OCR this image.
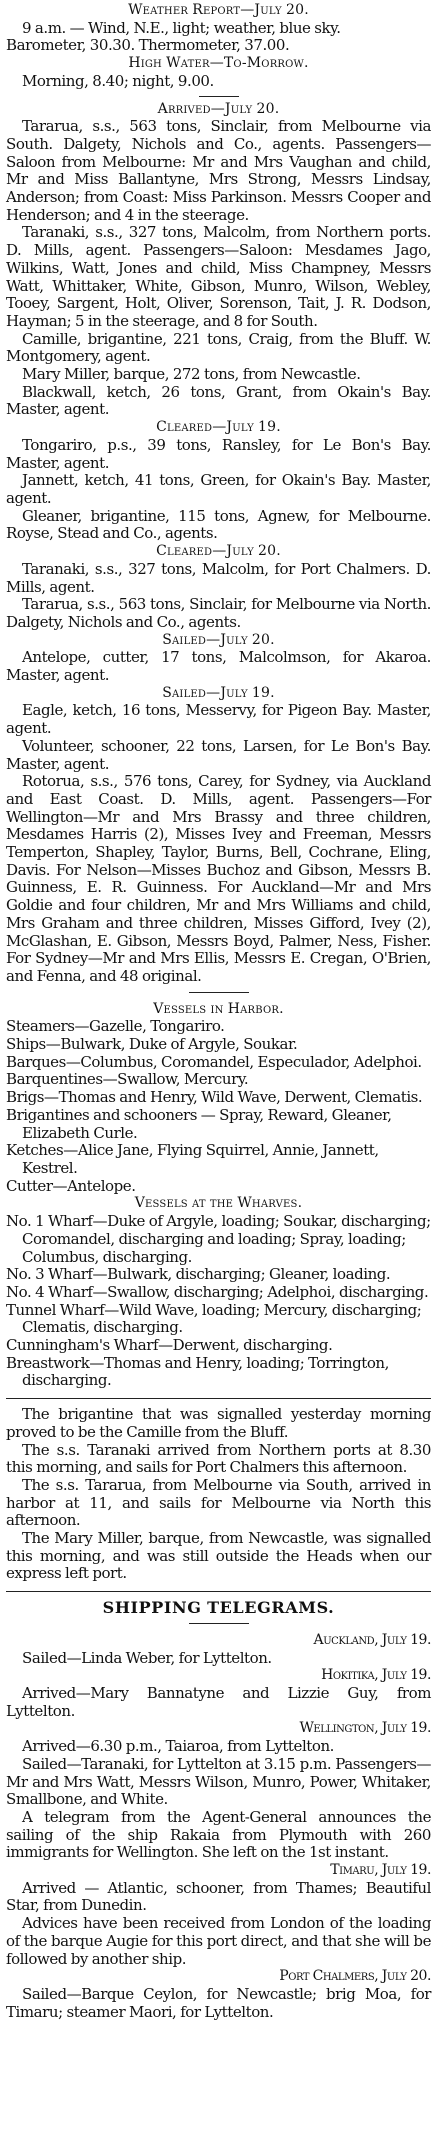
Weather Report—July 20.

9 a.m. — Wind, N.E., light; weather, blue sky.

Barometer, 30.30. Thermometer, 37.00.

High Water—To-Morrow.

Morning, 8.40; night, 9.00.

Arrived—July 20.

Tararua, s.s., 563 tons, Sinclair, from Melbourne via South. Dalgety, Nichols and Co., agents. Passengers—Saloon from Melbourne: Mr and Mrs Vaughan and child, Mr and Miss Ballantyne, Mrs Strong, Messrs Lindsay, Anderson; from Coast: Miss Parkinson. Messrs Cooper and Henderson; and 4 in the steerage.

Taranaki, s.s., 327 tons, Malcolm, from Northern ports. D. Mills, agent. Passengers—Saloon: Mesdames Jago, Wilkins, Watt, Jones and child, Miss Champney, Messrs Watt, Whittaker, White, Gibson, Munro, Wilson, Webley, Tooey, Sargent, Holt, Oliver, Sorenson, Tait, J. R. Dodson, Hayman; 5 in the steerage, and 8 for South.

Camille, brigantine, 221 tons, Craig, from the Bluff. W. Montgomery, agent.

Mary Miller, barque, 272 tons, from Newcastle.

Blackwall, ketch, 26 tons, Grant, from Okain's Bay. Master, agent.

Cleared—July 19.

Tongariro, p.s., 39 tons, Ransley, for Le Bon's Bay. Master, agent.

Jannett, ketch, 41 tons, Green, for Okain's Bay. Master, agent.

Gleaner, brigantine, 115 tons, Agnew, for Melbourne. Royse, Stead and Co., agents.

Cleared—July 20.

Taranaki, s.s., 327 tons, Malcolm, for Port Chalmers. D. Mills, agent.

Tararua, s.s., 563 tons, Sinclair, for Melbourne via North. Dalgety, Nichols and Co., agents.

Sailed—July 20.

Antelope, cutter, 17 tons, Malcolmson, for Akaroa. Master, agent.

Sailed—July 19.

Eagle, ketch, 16 tons, Messervy, for Pigeon Bay. Master, agent.

Volunteer, schooner, 22 tons, Larsen, for Le Bon's Bay. Master, agent.

Rotorua, s.s., 576 tons, Carey, for Sydney, via Auckland and East Coast. D. Mills, agent. Passengers—For Wellington—Mr and Mrs Brassy and three children, Mesdames Harris (2), Misses Ivey and Freeman, Messrs Temperton, Shapley, Taylor, Burns, Bell, Cochrane, Eling, Davis. For Nelson—Misses Buchoz and Gibson, Messrs B. Guinness, E. R. Guinness. For Auckland—Mr and Mrs Goldie and four children, Mr and Mrs Williams and child, Mrs Graham and three children, Misses Gifford, Ivey (2), McGlashan, E. Gibson, Messrs Boyd, Palmer, Ness, Fisher. For Sydney—Mr and Mrs Ellis, Messrs E. Cregan, O'Brien, and Fenna, and 48 original.

Vessels in Harbor.

Steamers—Gazelle, Tongariro.

Ships—Bulwark, Duke of Argyle, Soukar.

Barques—Columbus, Coromandel, Especulador, Adelphoi.

Barquentines—Swallow, Mercury.

Brigs—Thomas and Henry, Wild Wave, Derwent, Clematis.

Brigantines and schooners — Spray, Reward, Gleaner, Elizabeth Curle.

Ketches—Alice Jane, Flying Squirrel, Annie, Jannett, Kestrel.

Cutter—Antelope.

Vessels at the Wharves.

No. 1 Wharf—Duke of Argyle, loading; Soukar, discharging; Coromandel, discharging and loading; Spray, loading; Columbus, discharging.

No. 3 Wharf—Bulwark, discharging; Gleaner, loading.

No. 4 Wharf—Swallow, discharging; Adelphoi, discharging.

Tunnel Wharf—Wild Wave, loading; Mercury, discharging; Clematis, discharging.

Cunningham's Wharf—Derwent, discharging.

Breastwork—Thomas and Henry, loading; Torrington, discharging.

The brigantine that was signalled yesterday morning proved to be the Camille from the Bluff.

The s.s. Taranaki arrived from Northern ports at 8.30 this morning, and sails for Port Chalmers this afternoon.

The s.s. Tararua, from Melbourne via South, arrived in harbor at 11, and sails for Melbourne via North this afternoon.

The Mary Miller, barque, from Newcastle, was signalled this morning, and was still outside the Heads when our express left port.

SHIPPING TELEGRAMS.
Auckland, July 19.

Sailed—Linda Weber, for Lyttelton.

Hokitika, July 19.

Arrived—Mary Bannatyne and Lizzie Guy, from Lyttelton.

Wellington, July 19.

Arrived—6.30 p.m., Taiaroa, from Lyttelton.

Sailed—Taranaki, for Lyttelton at 3.15 p.m. Passengers—Mr and Mrs Watt, Messrs Wilson, Munro, Power, Whitaker, Smallbone, and White.

A telegram from the Agent-General announces the sailing of the ship Rakaia from Plymouth with 260 immigrants for Wellington. She left on the 1st instant.

Timaru, July 19.

Arrived — Atlantic, schooner, from Thames; Beautiful Star, from Dunedin.

Advices have been received from London of the loading of the barque Augie for this port direct, and that she will be followed by another ship.

Port Chalmers, July 20.

Sailed—Barque Ceylon, for Newcastle; brig Moa, for Timaru; steamer Maori, for Lyttelton.
